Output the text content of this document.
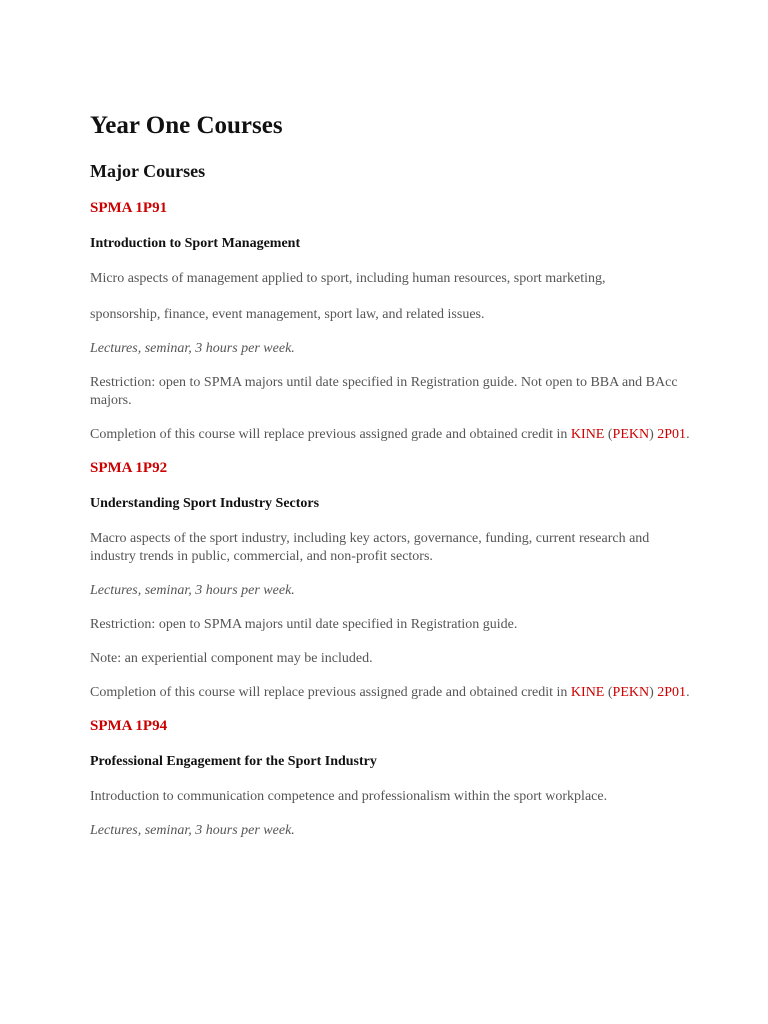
Year One Courses
Major Courses
SPMA 1P91
Introduction to Sport Management

Micro aspects of management applied to sport, including human resources, sport marketing,

sponsorship, finance, event management, sport law, and related issues.

Lectures, seminar, 3 hours per week.

Restriction: open to SPMA majors until date specified in Registration guide. Not open to BBA and BAcc majors.

Completion of this course will replace previous assigned grade and obtained credit in KINE (PEKN) 2P01.

SPMA 1P92
Understanding Sport Industry Sectors

Macro aspects of the sport industry, including key actors, governance, funding, current research and industry trends in public, commercial, and non-profit sectors.

Lectures, seminar, 3 hours per week.

Restriction: open to SPMA majors until date specified in Registration guide.

Note: an experiential component may be included.

Completion of this course will replace previous assigned grade and obtained credit in KINE (PEKN) 2P01.

SPMA 1P94
Professional Engagement for the Sport Industry

Introduction to communication competence and professionalism within the sport workplace.

Lectures, seminar, 3 hours per week.
